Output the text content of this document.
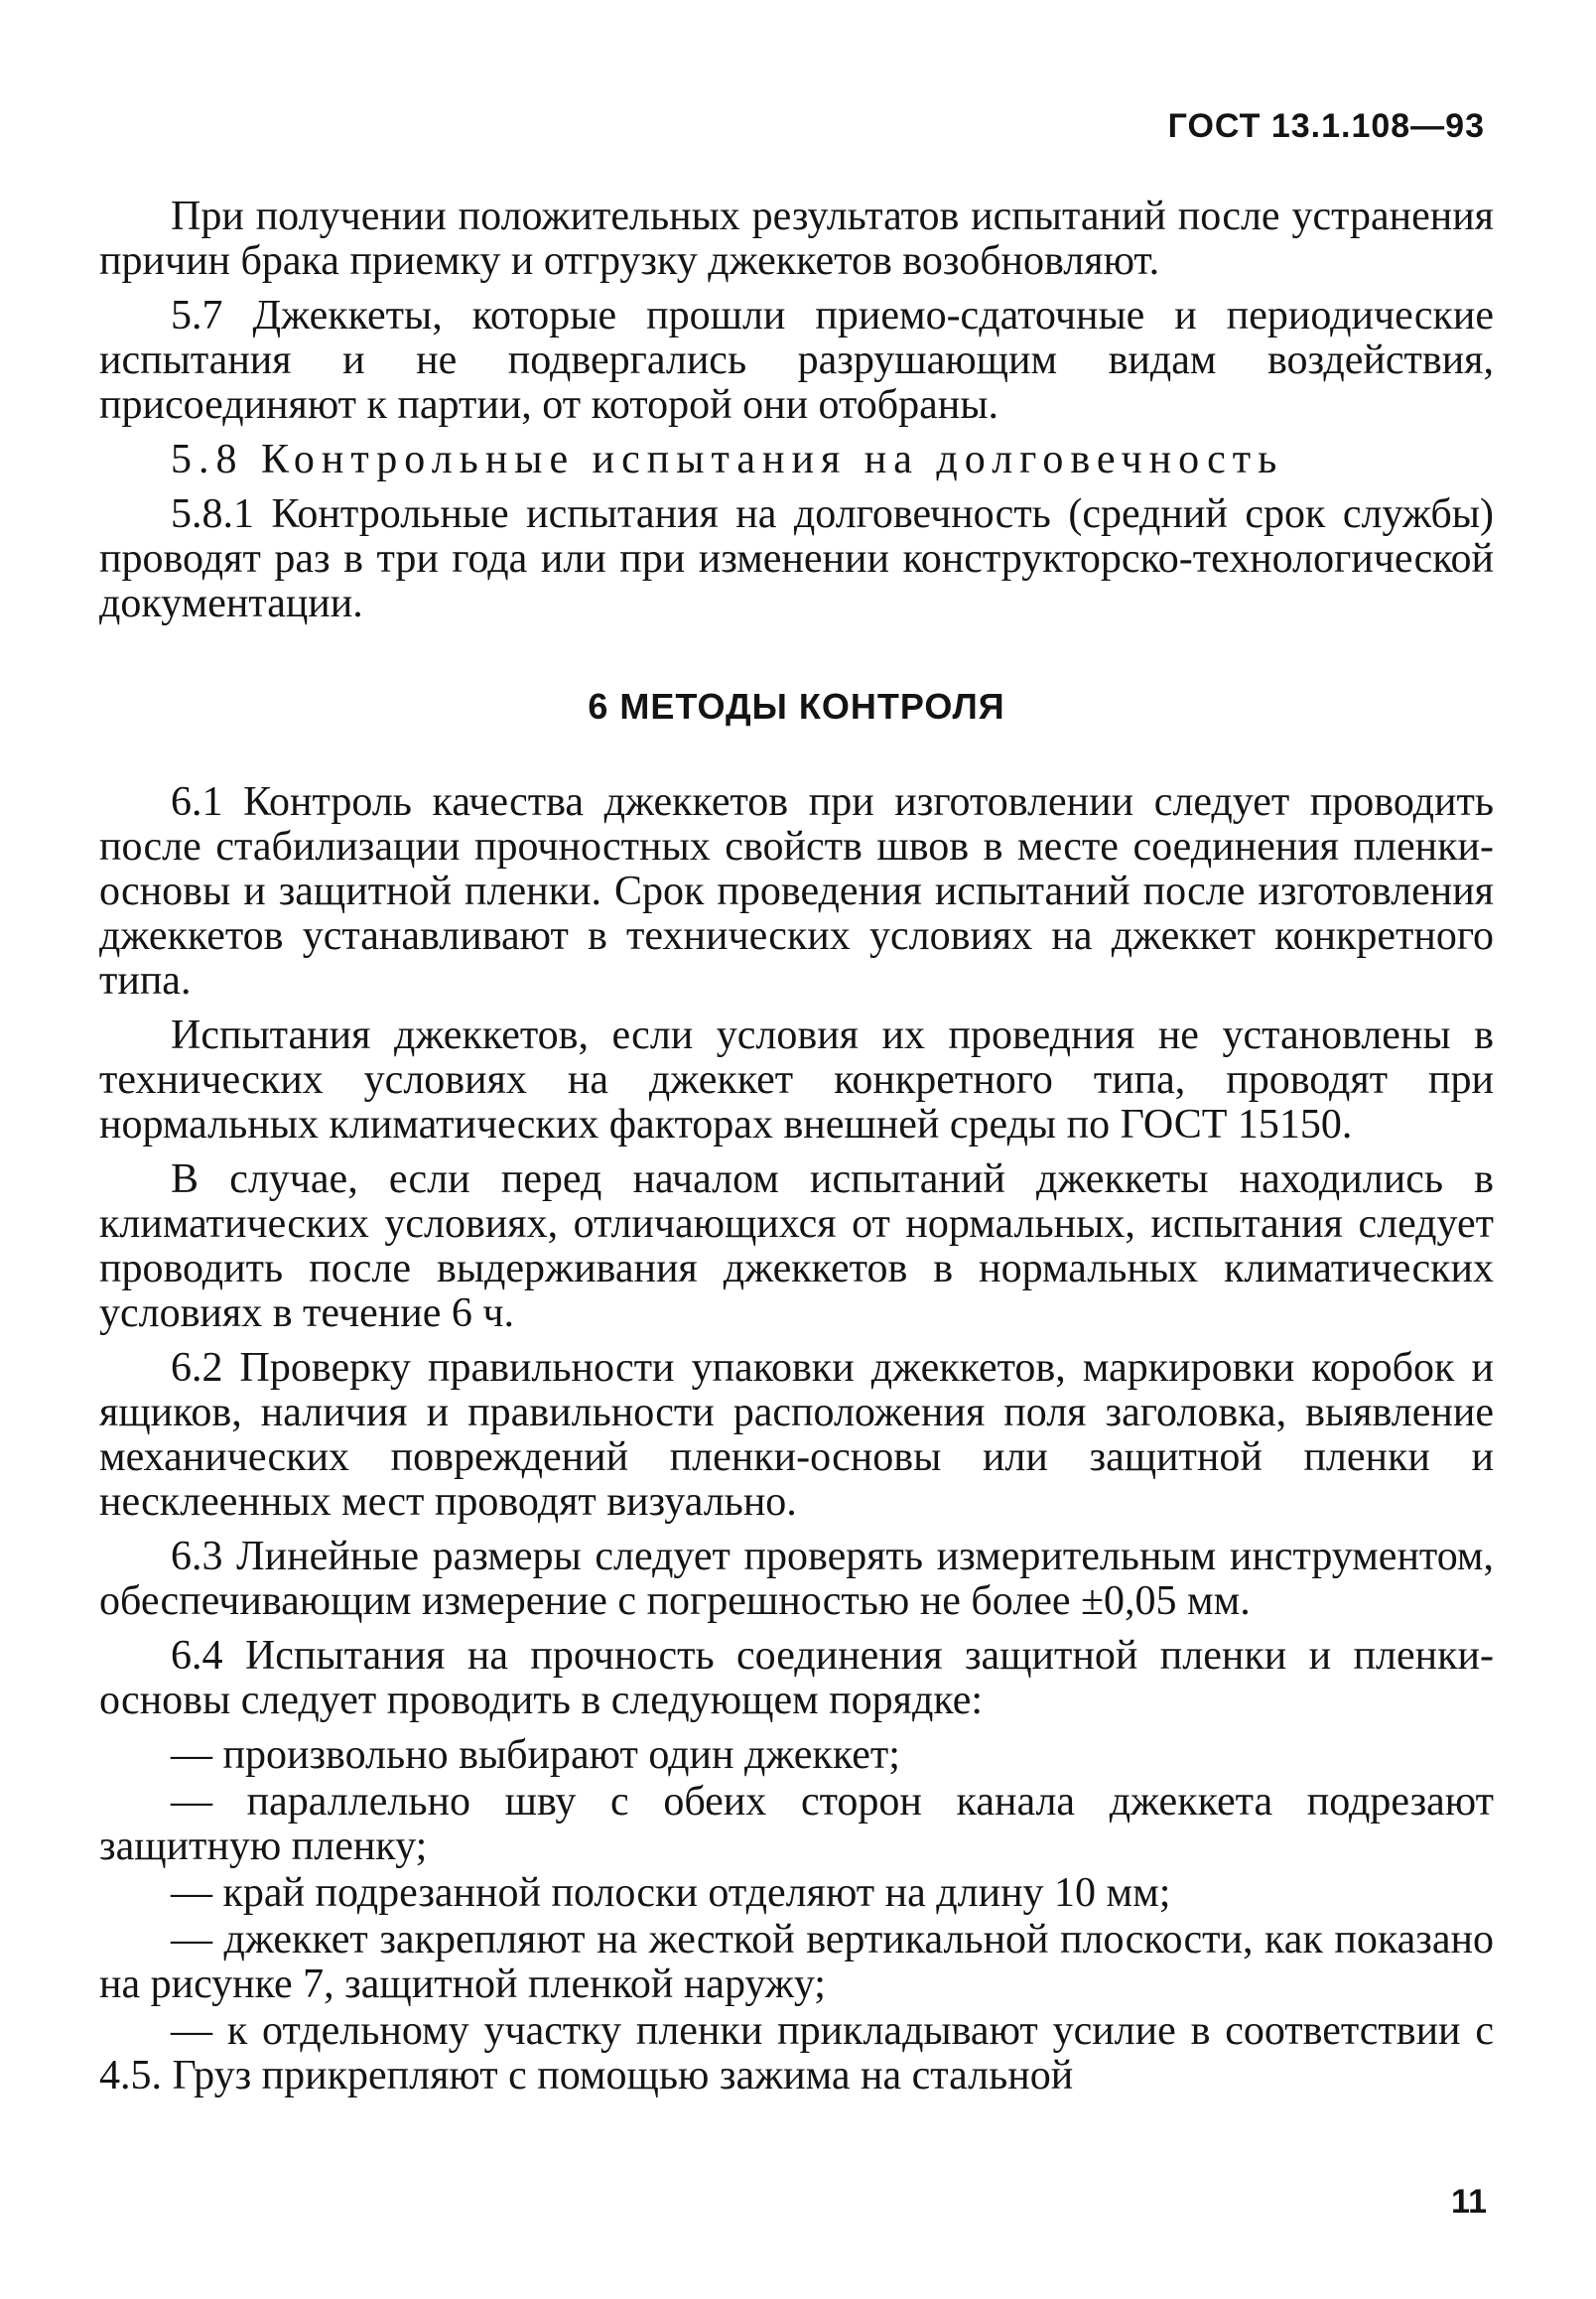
ГОСТ 13.1.108—93

При получении положительных результатов испытаний после устранения причин брака приемку и отгрузку джеккетов возобновляют.

5.7 Джеккеты, которые прошли приемо-сдаточные и периодические испытания и не подвергались разрушающим видам воздействия, присоединяют к партии, от которой они отобраны.

5.8 Контрольные испытания на долговечность

5.8.1 Контрольные испытания на долговечность (средний срок службы) проводят раз в три года или при изменении конструкторско-технологической документации.

6 МЕТОДЫ КОНТРОЛЯ

6.1 Контроль качества джеккетов при изготовлении следует проводить после стабилизации прочностных свойств швов в месте соединения пленки-основы и защитной пленки. Срок проведения испытаний после изготовления джеккетов устанавливают в технических условиях на джеккет конкретного типа.

Испытания джеккетов, если условия их проведния не установлены в технических условиях на джеккет конкретного типа, проводят при нормальных климатических факторах внешней среды по ГОСТ 15150.

В случае, если перед началом испытаний джеккеты находились в климатических условиях, отличающихся от нормальных, испытания следует проводить после выдерживания джеккетов в нормальных климатических условиях в течение 6 ч.

6.2 Проверку правильности упаковки джеккетов, маркировки коробок и ящиков, наличия и правильности расположения поля заголовка, выявление механических повреждений пленки-основы или защитной пленки и несклеенных мест проводят визуально.

6.3 Линейные размеры следует проверять измерительным инструментом, обеспечивающим измерение с погрешностью не более ±0,05 мм.

6.4 Испытания на прочность соединения защитной пленки и пленки-основы следует проводить в следующем порядке:

— произвольно выбирают один джеккет;

— параллельно шву с обеих сторон канала джеккета подрезают защитную пленку;

— край подрезанной полоски отделяют на длину 10 мм;

— джеккет закрепляют на жесткой вертикальной плоскости, как показано на рисунке 7, защитной пленкой наружу;

— к отдельному участку пленки прикладывают усилие в соответствии с 4.5. Груз прикрепляют с помощью зажима на стальной

11
